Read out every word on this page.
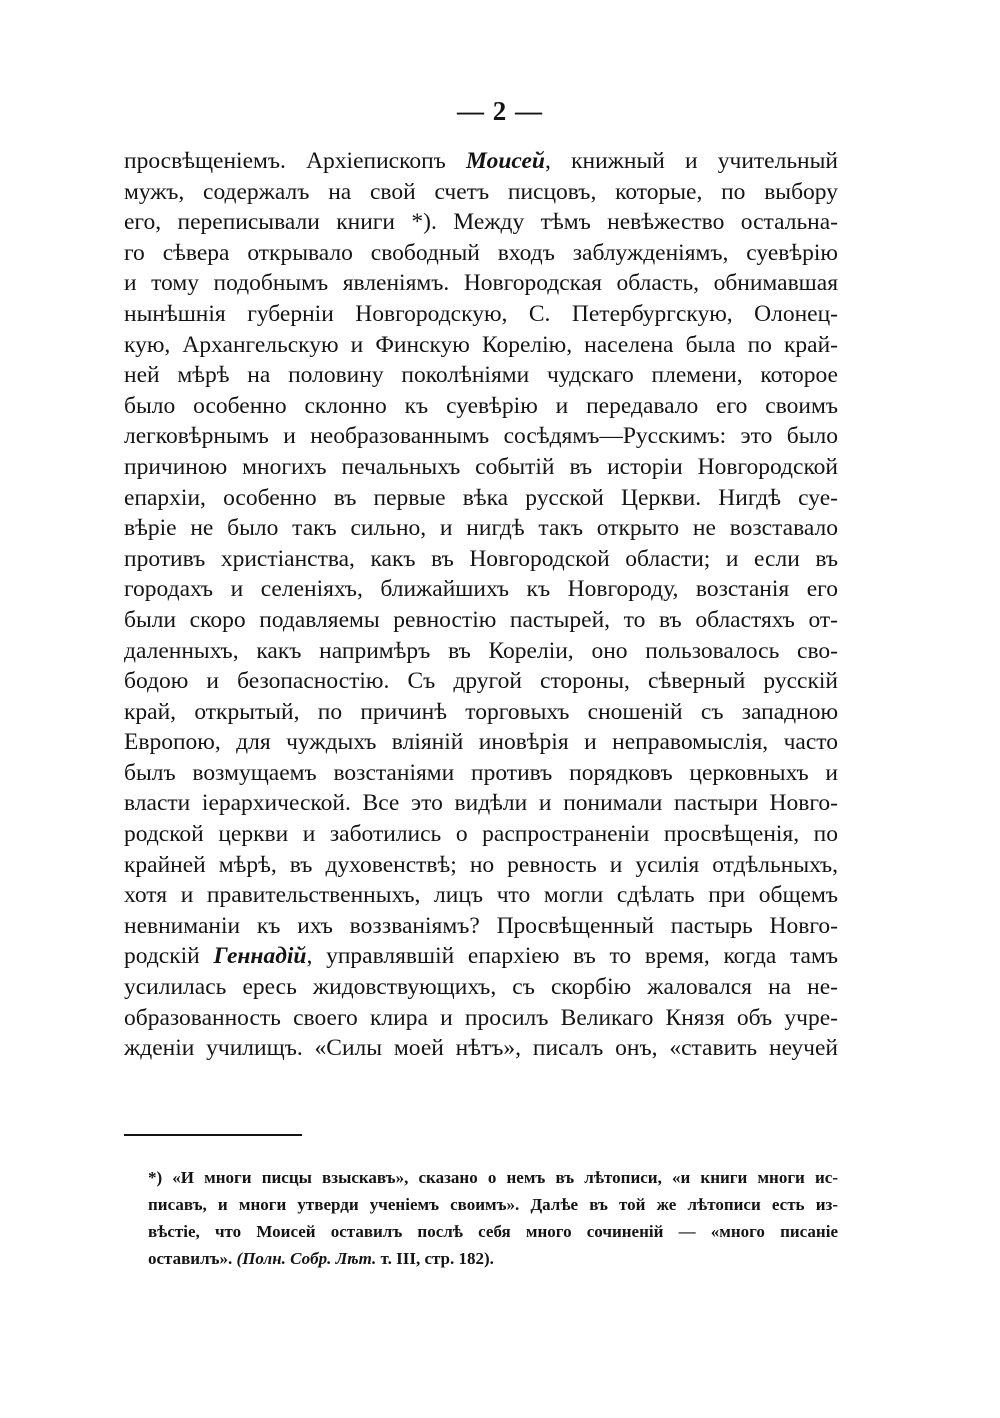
— 2 —
просвѣщеніемъ. Архіепископъ Моисей, книжный и учительный
мужъ, содержалъ на свой счетъ писцовъ, которые, по выбору
его, переписывали книги *). Между тѣмъ невѣжество остальна-
го сѣвера открывало свободный входъ заблужденіямъ, суевѣрію
и тому подобнымъ явленіямъ. Новгородская область, обнимавшая
нынѣшнія губерніи Новгородскую, С. Петербургскую, Олонец-
кую, Архангельскую и Финскую Корелію, населена была по край-
ней мѣрѣ на половину поколѣніями чудскаго племени, которое
было особенно склонно къ суевѣрію и передавало его своимъ
легковѣрнымъ и необразованнымъ сосѣдямъ—Русскимъ: это было
причиною многихъ печальныхъ событій въ исторіи Новгородской
епархіи, особенно въ первые вѣка русской Церкви. Нигдѣ суе-
вѣріе не было такъ сильно, и нигдѣ такъ открыто не возставало
противъ христіанства, какъ въ Новгородской области; и если въ
городахъ и селеніяхъ, ближайшихъ къ Новгороду, возстанія его
были скоро подавляемы ревностію пастырей, то въ областяхъ от-
даленныхъ, какъ напримѣръ въ Кореліи, оно пользовалось сво-
бодою и безопасностію. Съ другой стороны, сѣверный русскій
край, открытый, по причинѣ торговыхъ сношеній съ западною
Европою, для чуждыхъ вліяній иновѣрія и неправомыслія, часто
былъ возмущаемъ возстаніями противъ порядковъ церковныхъ и
власти іерархической. Все это видѣли и понимали пастыри Новго-
родской церкви и заботились о распространеніи просвѣщенія, по
крайней мѣрѣ, въ духовенствѣ; но ревность и усилія отдѣльныхъ,
хотя и правительственныхъ, лицъ что могли сдѣлать при общемъ
невниманіи къ ихъ воззваніямъ? Просвѣщенный пастырь Новго-
родскій Геннадій, управлявшій епархіею въ то время, когда тамъ
усилилась ересь жидовствующихъ, съ скорбію жаловался на не-
образованность своего клира и просилъ Великаго Князя объ учре-
жденіи училищъ. «Силы моей нѣтъ», писалъ онъ, «ставить неучей
*) «И многи писцы взыскавъ», сказано о немъ въ лѣтописи, «и книги многи ис-
писавъ, и многи утверди ученіемъ своимъ». Далѣе въ той же лѣтописи есть из-
вѣстіе, что Моисей оставилъ послѣ себя много сочиненій — «много писаніе
оставилъ». (Полн. Собр. Лѣт. т. III, стр. 182).
